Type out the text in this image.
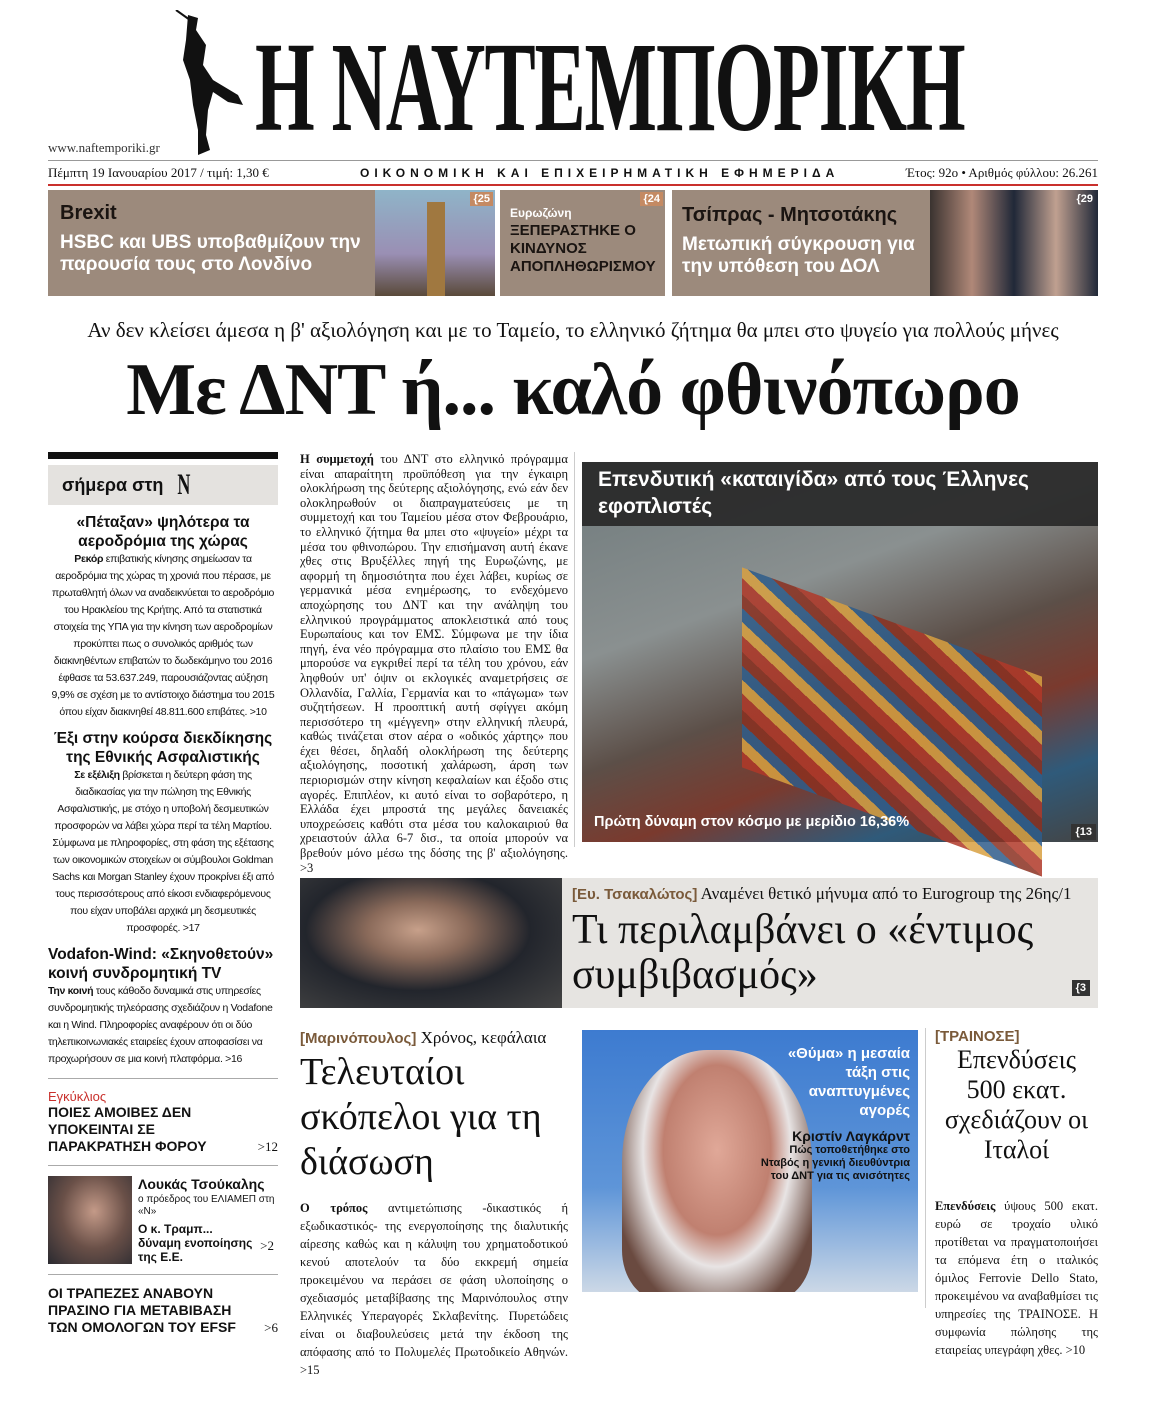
Η ΝΑΥΤΕΜΠΟΡΙΚΗ
www.naftemporiki.gr
Πέμπτη 19 Ιανουαρίου 2017 / τιμή: 1,30 €	ΟΙΚΟΝΟΜΙΚΗ ΚΑΙ ΕΠΙΧΕΙΡΗΜΑΤΙΚΗ ΕΦΗΜΕΡΙΔΑ	Έτος: 92ο • Αριθμός φύλλου: 26.261
Brexit
HSBC και UBS υποβαθμίζουν την παρουσία τους στο Λονδίνο
{25
Ευρωζώνη
ΞΕΠΕΡΑΣΤΗΚΕ Ο ΚΙΝΔΥΝΟΣ ΑΠΟΠΛΗΘΩΡΙΣΜΟΥ
{24
Τσίπρας - Μητσοτάκης
Μετωπική σύγκρουση για την υπόθεση του ΔΟΛ
{29
Αν δεν κλείσει άμεσα η β' αξιολόγηση και με το Ταμείο, το ελληνικό ζήτημα θα μπει στο ψυγείο για πολλούς μήνες
Με ΔΝΤ ή... καλό φθινόπωρο
σήμερα στη N
«Πέταξαν» ψηλότερα τα αεροδρόμια της χώρας

Ρεκόρ επιβατικής κίνησης σημείωσαν τα αεροδρόμια της χώρας τη χρονιά που πέρασε, με πρωταθλητή όλων να αναδεικνύεται το αεροδρόμιο του Ηρακλείου της Κρήτης. Από τα στατιστικά στοιχεία της ΥΠΑ για την κίνηση των αεροδρομίων προκύπτει πως ο συνολικός αριθμός των διακινηθέντων επιβατών το δωδεκάμηνο του 2016 έφθασε τα 53.637.249, παρουσιάζοντας αύξηση 9,9% σε σχέση με το αντίστοιχο διάστημα του 2015 όπου είχαν διακινηθεί 48.811.600 επιβάτες. >10

Έξι στην κούρσα διεκδίκησης της Εθνικής Ασφαλιστικής

Σε εξέλιξη βρίσκεται η δεύτερη φάση της διαδικασίας για την πώληση της Εθνικής Ασφαλιστικής, με στόχο η υποβολή δεσμευτικών προσφορών να λάβει χώρα περί τα τέλη Μαρτίου. Σύμφωνα με πληροφορίες, στη φάση της εξέτασης των οικονομικών στοιχείων οι σύμβουλοι Goldman Sachs και Morgan Stanley έχουν προκρίνει έξι από τους περισσότερους από είκοσι ενδιαφερόμενους που είχαν υποβάλει αρχικά μη δεσμευτικές προσφορές. >17

Vodafon-Wind: «Σκηνοθετούν» κοινή συνδρομητική TV

Την κοινή τους κάθοδο δυναμικά στις υπηρεσίες συνδρομητικής τηλεόρασης σχεδιάζουν η Vodafone και η Wind. Πληροφορίες αναφέρουν ότι οι δύο τηλεπικοινωνιακές εταιρείες έχουν αποφασίσει να προχωρήσουν σε μια κοινή πλατφόρμα. >16

Εγκύκλιος
ΠΟΙΕΣ ΑΜΟΙΒΕΣ ΔΕΝ ΥΠΟΚΕΙΝΤΑΙ ΣΕ ΠΑΡΑΚΡΑΤΗΣΗ ΦΟΡΟΥ	>12
Λουκάς Τσούκαλης
ο πρόεδρος του ΕΛΙΑΜΕΠ στη «Ν»
Ο κ. Τραμπ... δύναμη ενοποίησης της Ε.Ε.
>2
ΟΙ ΤΡΑΠΕΖΕΣ ΑΝΑΒΟΥΝ ΠΡΑΣΙΝΟ ΓΙΑ ΜΕΤΑΒΙΒΑΣΗ ΤΩΝ ΟΜΟΛΟΓΩΝ ΤΟΥ EFSF	>6
Η συμμετοχή του ΔΝΤ στο ελληνικό πρόγραμμα είναι απαραίτητη προϋπόθεση για την έγκαιρη ολοκλήρωση της δεύτερης αξιολόγησης, ενώ εάν δεν ολοκληρωθούν οι διαπραγματεύσεις με τη συμμετοχή και του Ταμείου μέσα στον Φεβρουάριο, το ελληνικό ζήτημα θα μπει στο «ψυγείο» μέχρι τα μέσα του φθινοπώρου. Την επισήμανση αυτή έκανε χθες στις Βρυξέλλες πηγή της Ευρωζώνης, με αφορμή τη δημοσιότητα που έχει λάβει, κυρίως σε γερμανικά μέσα ενημέρωσης, το ενδεχόμενο αποχώρησης του ΔΝΤ και την ανάληψη του ελληνικού προγράμματος αποκλειστικά από τους Ευρωπαίους και τον ΕΜΣ. Σύμφωνα με την ίδια πηγή, ένα νέο πρόγραμμα στο πλαίσιο του ΕΜΣ θα μπορούσε να εγκριθεί περί τα τέλη του χρόνου, εάν ληφθούν υπ' όψιν οι εκλογικές αναμετρήσεις σε Ολλανδία, Γαλλία, Γερμανία και το «πάγωμα» των συζητήσεων. Η προοπτική αυτή σφίγγει ακόμη περισσότερο τη «μέγγενη» στην ελληνική πλευρά, καθώς τινάζεται στον αέρα ο «οδικός χάρτης» που έχει θέσει, δηλαδή ολοκλήρωση της δεύτερης αξιολόγησης, ποσοτική χαλάρωση, άρση των περιορισμών στην κίνηση κεφαλαίων και έξοδο στις αγορές. Επιπλέον, κι αυτό είναι το σοβαρότερο, η Ελλάδα έχει μπροστά της μεγάλες δανειακές υποχρεώσεις καθότι στα μέσα του καλοκαιριού θα χρειαστούν άλλα 6-7 δισ., τα οποία μπορούν να βρεθούν μόνο μέσω της δόσης της β' αξιολόγησης. >3
Πρώτη δύναμη στον κόσμο με μερίδιο 16,36%
{13
Επενδυτική «καταιγίδα» από τους Έλληνες εφοπλιστές
[Ευ. Τσακαλώτος] Αναμένει θετικό μήνυμα από το Eurogroup της 26ης/1
Τι περιλαμβάνει ο «έντιμος συμβιβασμός»	{3
[Μαρινόπουλος] Χρόνος, κεφάλαια
Τελευταίοι σκόπελοι για τη διάσωση

Ο τρόπος αντιμετώπισης -δικαστικός ή εξωδικαστικός- της ενεργοποίησης της διαλυτικής αίρεσης καθώς και η κάλυψη του χρηματοδοτικού κενού αποτελούν τα δύο εκκρεμή σημεία προκειμένου να περάσει σε φάση υλοποίησης ο σχεδιασμός μεταβίβασης της Μαρινόπουλος στην Ελληνικές Υπεραγορές Σκλαβενίτης. Πυρετώδεις είναι οι διαβουλεύσεις μετά την έκδοση της απόφασης από το Πολυμελές Πρωτοδικείο Αθηνών. >15

«Θύμα» η μεσαία τάξη στις αναπτυγμένες αγορές
Κριστίν Λαγκάρντ
Πώς τοποθετήθηκε στο Νταβός η γενική διευθύντρια του ΔΝΤ για τις ανισότητες
[ΤΡΑΙΝΟΣΕ]
Επενδύσεις 500 εκατ. σχεδιάζουν οι Ιταλοί

Επενδύσεις ύψους 500 εκατ. ευρώ σε τροχαίο υλικό προτίθεται να πραγματοποιήσει τα επόμενα έτη ο ιταλικός όμιλος Ferrovie Dello Stato, προκειμένου να αναβαθμίσει τις υπηρεσίες της ΤΡΑΙΝΟΣΕ. Η συμφωνία πώλησης της εταιρείας υπεγράφη χθες. >10
